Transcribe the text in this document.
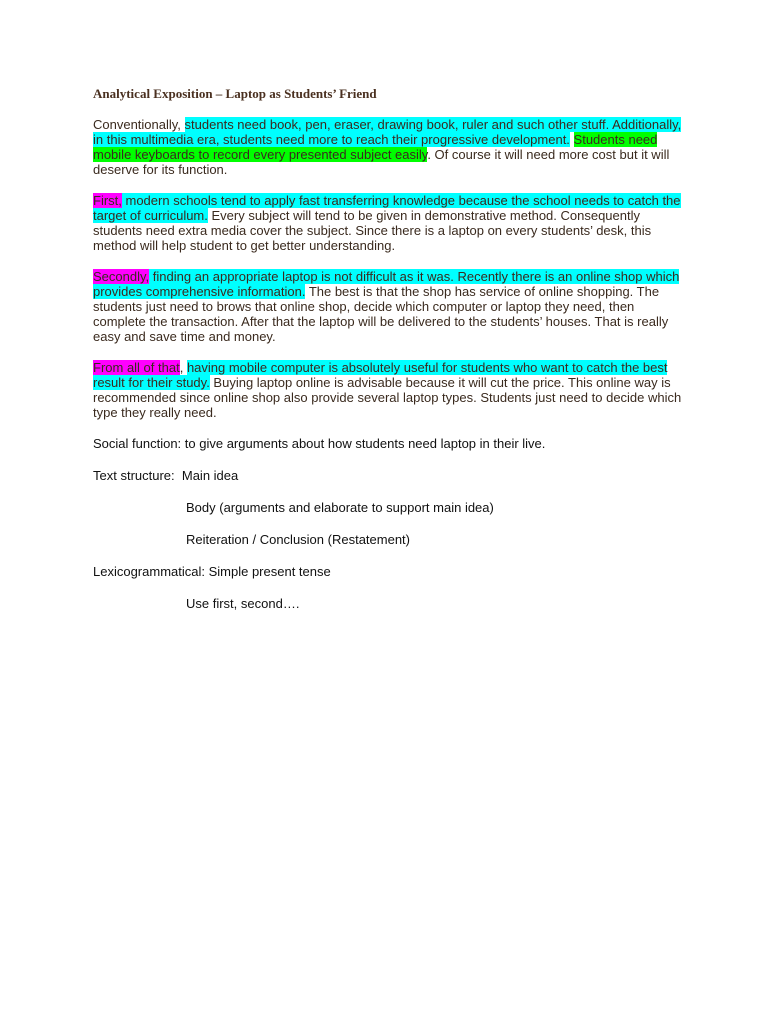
Analytical Exposition – Laptop as Students’ Friend

Conventionally, students need book, pen, eraser, drawing book, ruler and such other stuff. Additionally, in this multimedia era, students need more to reach their progressive development. Students need mobile keyboards to record every presented subject easily. Of course it will need more cost but it will deserve for its function.

First, modern schools tend to apply fast transferring knowledge because the school needs to catch the target of curriculum. Every subject will tend to be given in demonstrative method. Consequently students need extra media cover the subject. Since there is a laptop on every students’ desk, this method will help student to get better understanding.

Secondly, finding an appropriate laptop is not difficult as it was. Recently there is an online shop which provides comprehensive information. The best is that the shop has service of online shopping. The students just need to brows that online shop, decide which computer or laptop they need, then complete the transaction. After that the laptop will be delivered to the students’ houses. That is really easy and save time and money.

From all of that, having mobile computer is absolutely useful for students who want to catch the best result for their study. Buying laptop online is advisable because it will cut the price. This online way is recommended since online shop also provide several laptop types. Students just need to decide which type they really need.

Social function: to give arguments about how students need laptop in their live.
Text structure: Main idea
Body (arguments and elaborate to support main idea)
Reiteration / Conclusion (Restatement)
Lexicogrammatical: Simple present tense
Use first, second….
